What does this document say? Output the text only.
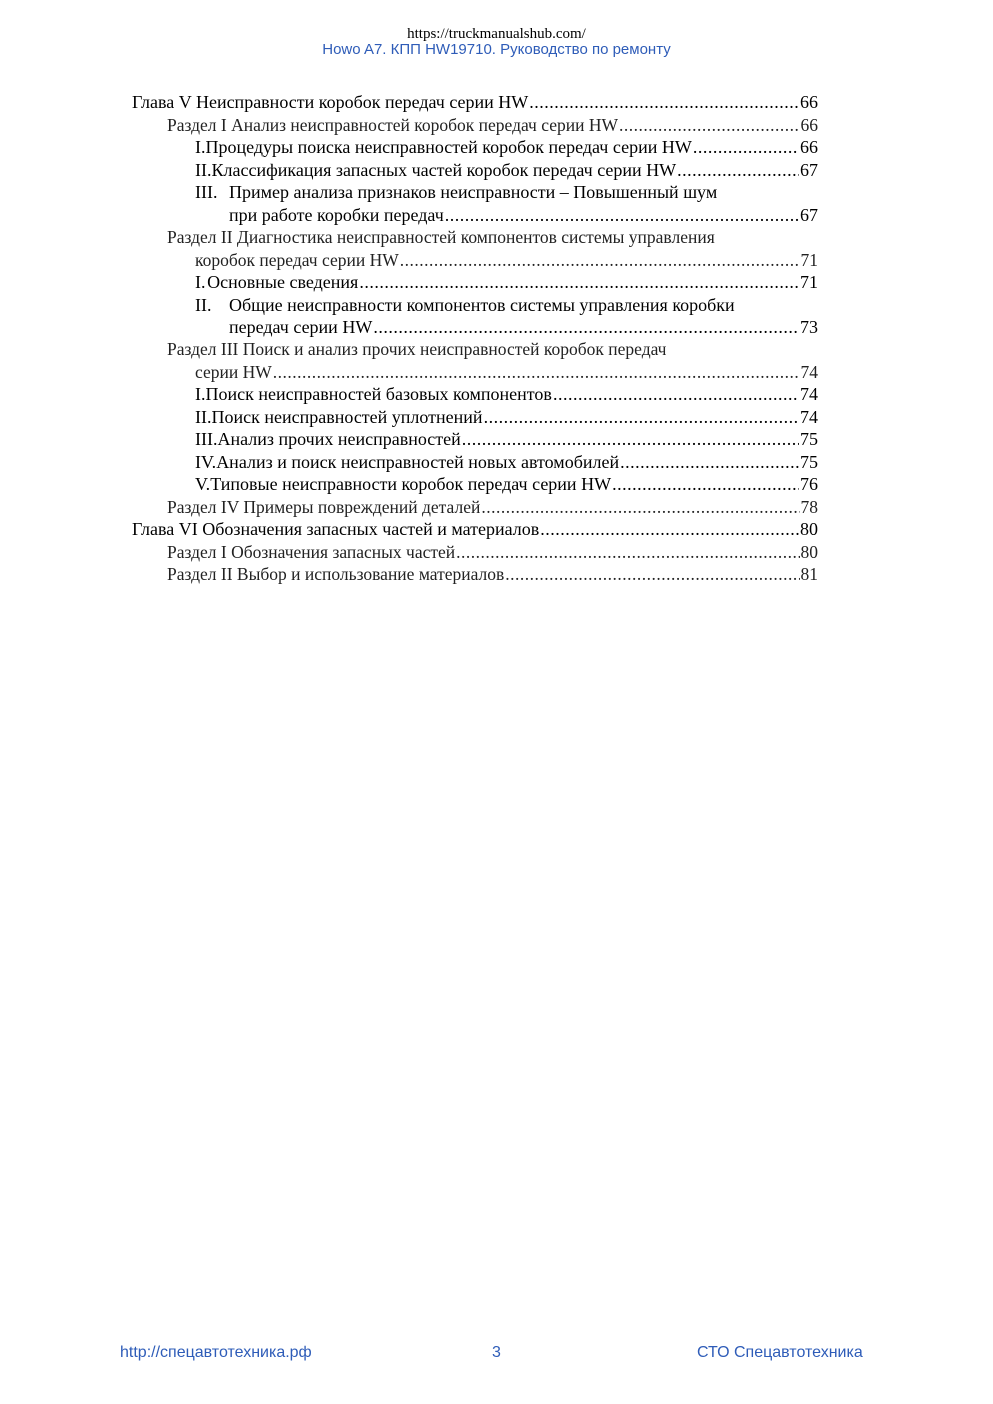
https://truckmanualshub.com/
Howo A7. КПП HW19710. Руководство по ремонту
Глава V Неисправности коробок передач серии HW .....	66
Раздел I Анализ неисправностей коробок передач серии HW .....	66
I. Процедуры поиска неисправностей коробок передач серии HW .....	66
II. Классификация запасных частей коробок передач серии HW .....	67
III. Пример анализа признаков неисправности – Повышенный шум
при работе коробки передач .....	67
Раздел II Диагностика неисправностей компонентов системы управления
коробок передач серии HW .....	71
I. Основные сведения .....	71
II. Общие неисправности компонентов системы управления коробки
передач серии HW .....	73
Раздел III Поиск и анализ прочих неисправностей коробок передач
серии HW .....	74
I. Поиск неисправностей базовых компонентов .....	74
II. Поиск неисправностей уплотнений .....	74
III. Анализ прочих неисправностей .....	75
IV. Анализ и поиск неисправностей новых автомобилей .....	75
V. Типовые неисправности коробок передач серии HW .....	76
Раздел IV Примеры повреждений деталей .....	78
Глава VI Обозначения запасных частей и материалов .....	80
Раздел I Обозначения запасных частей .....	80
Раздел II Выбор и использование материалов .....	81
http://спецавтотехника.рф	3	СТО Спецавтотехника
